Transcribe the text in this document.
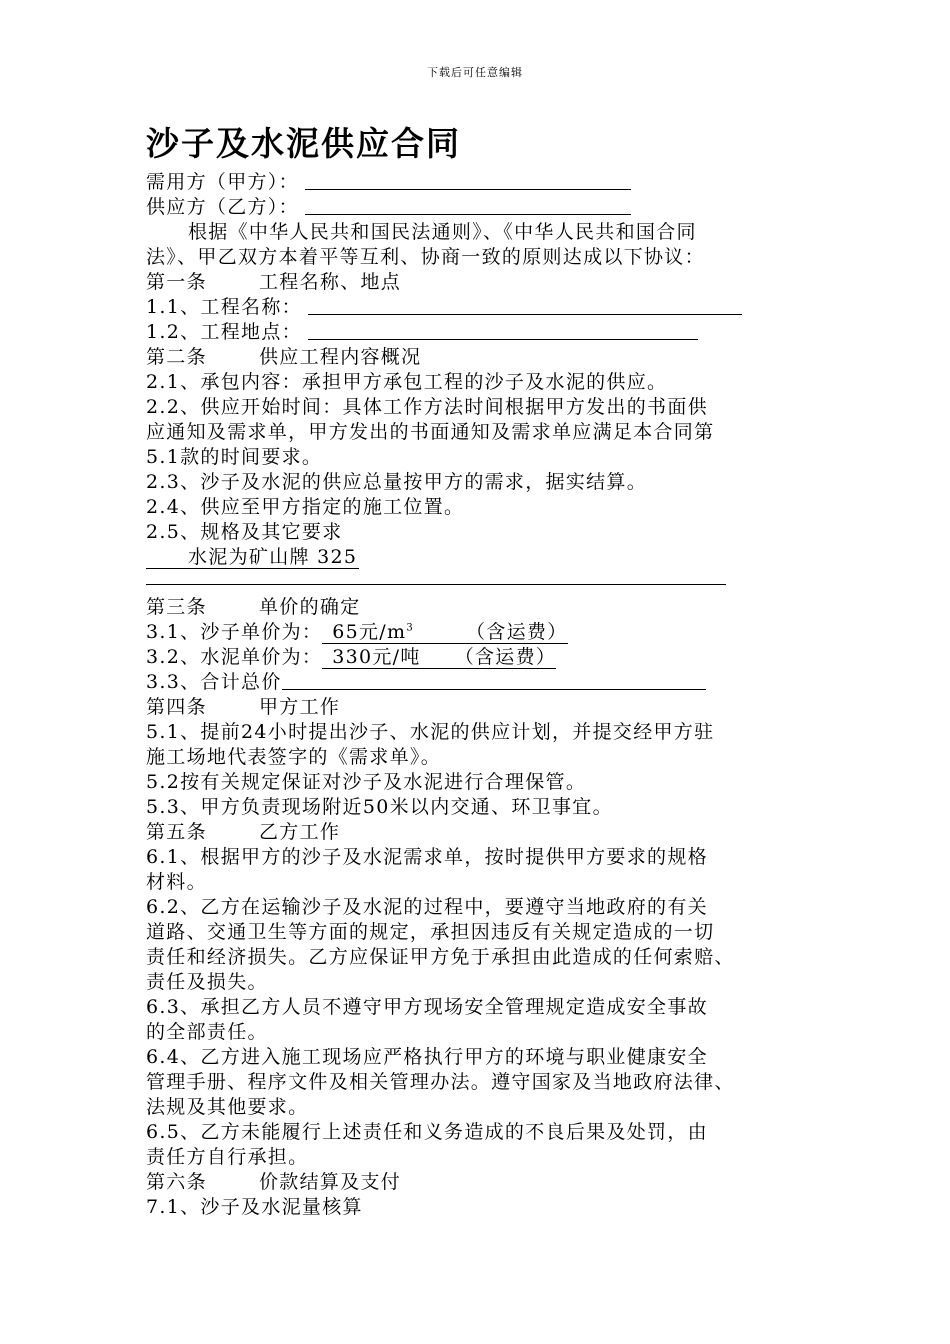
下载后可任意编辑
沙子及水泥供应合同
需用方（甲方）：
供应方（乙方）：
根据《中华人民共和国民法通则》、《中华人民共和国合同
法》、甲乙双方本着平等互利、协商一致的原则达成以下协议：
第一条	工程名称、地点
1.1、工程名称：
1.2、工程地点：
第二条	供应工程内容概况
2.1、承包内容：承担甲方承包工程的沙子及水泥的供应。
2.2、供应开始时间：具体工作方法时间根据甲方发出的书面供
应通知及需求单，甲方发出的书面通知及需求单应满足本合同第
5.1款的时间要求。
2.3、沙子及水泥的供应总量按甲方的需求，据实结算。
2.4、供应至甲方指定的施工位置。
2.5、规格及其它要求
水泥为矿山牌 325
第三条	单价的确定
3.1、沙子单价为： 65元$/m^3$	（含运费）
3.2、水泥单价为： 330元/吨 （含运费）
3.3、合计总价
第四条	甲方工作
5.1、提前24小时提出沙子、水泥的供应计划，并提交经甲方驻
施工场地代表签字的《需求单》。
5.2按有关规定保证对沙子及水泥进行合理保管。
5.3、甲方负责现场附近50米以内交通、环卫事宜。
第五条	乙方工作
6.1、根据甲方的沙子及水泥需求单，按时提供甲方要求的规格
材料。
6.2、乙方在运输沙子及水泥的过程中，要遵守当地政府的有关
道路、交通卫生等方面的规定，承担因违反有关规定造成的一切
责任和经济损失。乙方应保证甲方免于承担由此造成的任何索赔、
责任及损失。
6.3、承担乙方人员不遵守甲方现场安全管理规定造成安全事故
的全部责任。
6.4、乙方进入施工现场应严格执行甲方的环境与职业健康安全
管理手册、程序文件及相关管理办法。遵守国家及当地政府法律、
法规及其他要求。
6.5、乙方未能履行上述责任和义务造成的不良后果及处罚，由
责任方自行承担。
第六条	价款结算及支付
7.1、沙子及水泥量核算
